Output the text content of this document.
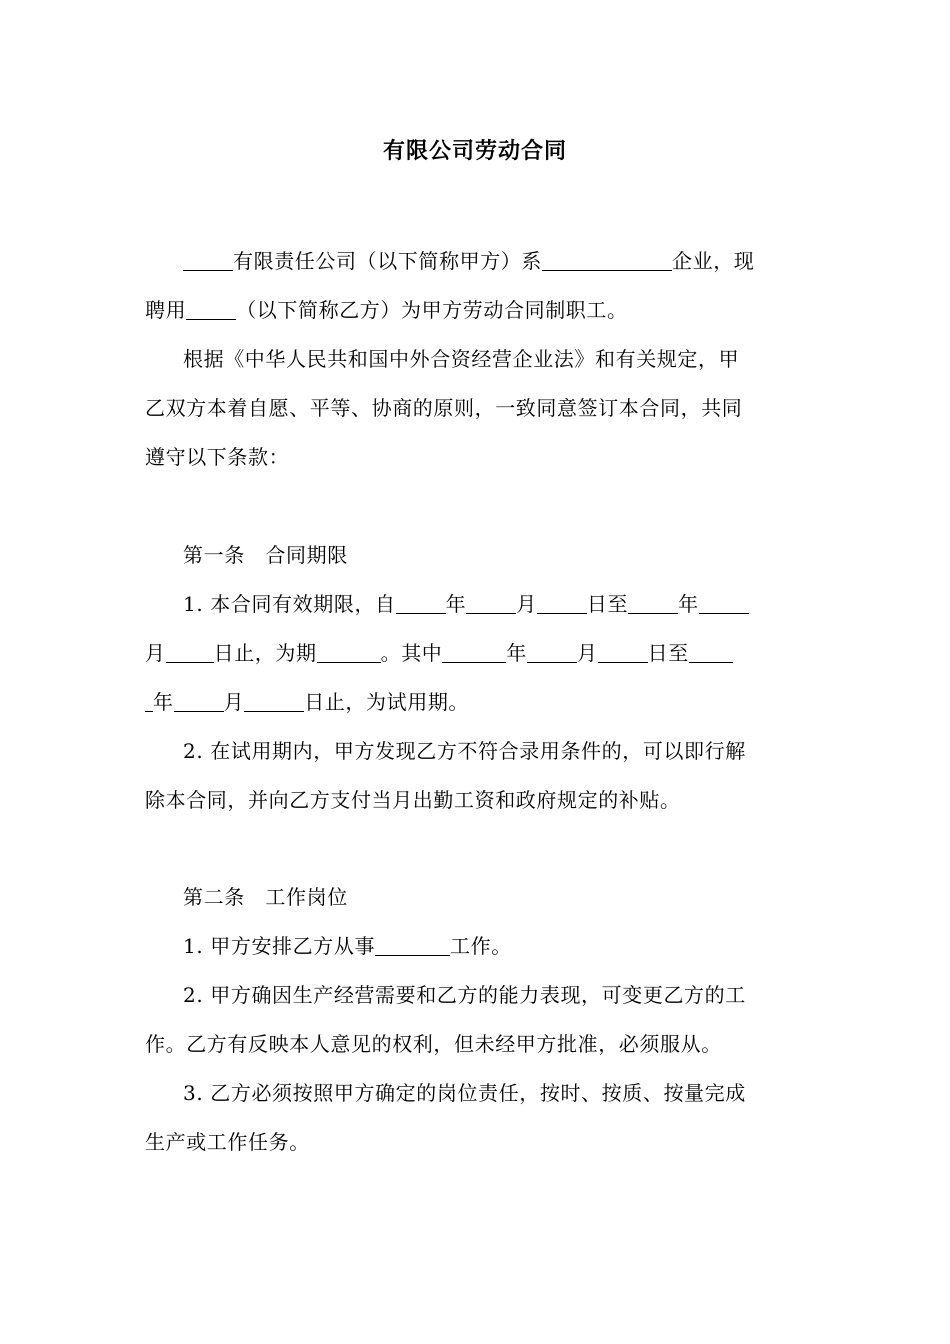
有限公司劳动合同
有限责任公司（以下简称甲方）系	企业，现
聘用	（以下简称乙方）为甲方劳动合同制职工。
根据《中华人民共和国中外合资经营企业法》和有关规定，甲
乙双方本着自愿、平等、协商的原则，一致同意签订本合同，共同
遵守以下条款：
第一条　合同期限
1. 本合同有效期限，自	年	月	日至	年
月 日止，为期	。其中	年	月	日至
年	月	日止，为试用期。
2. 在试用期内，甲方发现乙方不符合录用条件的，可以即行解
除本合同，并向乙方支付当月出勤工资和政府规定的补贴。
第二条　工作岗位
1. 甲方安排乙方从事	工作。
2. 甲方确因生产经营需要和乙方的能力表现，可变更乙方的工
作。乙方有反映本人意见的权利，但未经甲方批准，必须服从。
3. 乙方必须按照甲方确定的岗位责任，按时、按质、按量完成
生产或工作任务。
